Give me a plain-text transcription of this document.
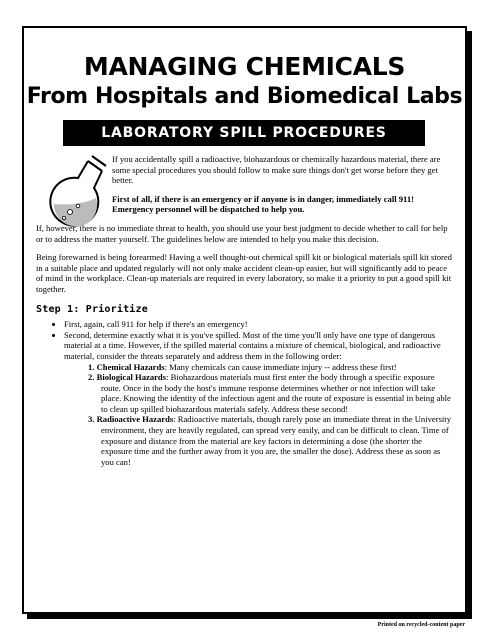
MANAGING CHEMICALS
From Hospitals and Biomedical Labs
LABORATORY SPILL PROCEDURES

If you accidentally spill a radioactive, biohazardous or chemically hazardous material, there are some special procedures you should follow to make sure things don't get worse before they get better.

First of all, if there is an emergency or if anyone is in danger, immediately call 911! Emergency personnel will be dispatched to help you.

If, however, there is no immediate threat to health, you should use your best judgment to decide whether to call for help or to address the matter yourself. The guidelines below are intended to help you make this decision.

Being forewarned is being forearmed! Having a well thought-out chemical spill kit or biological materials spill kit stored in a suitable place and updated regularly will not only make accident clean-up easier, but will significantly add to peace of mind in the workplace. Clean-up materials are required in every laboratory, so make it a priority to put a good spill kit together.

Step 1: Prioritize
• First, again, call 911 for help if there's an emergency!
• Second, determine exactly what it is you've spilled. Most of the time you'll only have one type of dangerous material at a time. However, if the spilled material contains a mixture of chemical, biological, and radioactive material, consider the threats separately and address them in the following order:
1. Chemical Hazards: Many chemicals can cause immediate injury -- address these first!
2. Biological Hazards: Biohazardous materials must first enter the body through a specific exposure route. Once in the body the host's immune response determines whether or not infection will take place. Knowing the identity of the infectious agent and the route of exposure is essential in being able to clean up spilled biohazardous materials safely. Address these second!
3. Radioactive Hazards: Radioactive materials, though rarely pose an immediate threat in the University environment, they are heavily regulated, can spread very easily, and can be difficult to clean. Time of exposure and distance from the material are key factors in determining a dose (the shorter the exposure time and the further away from it you are, the smaller the dose). Address these as soon as you can!
Printed on recycled-content paper
